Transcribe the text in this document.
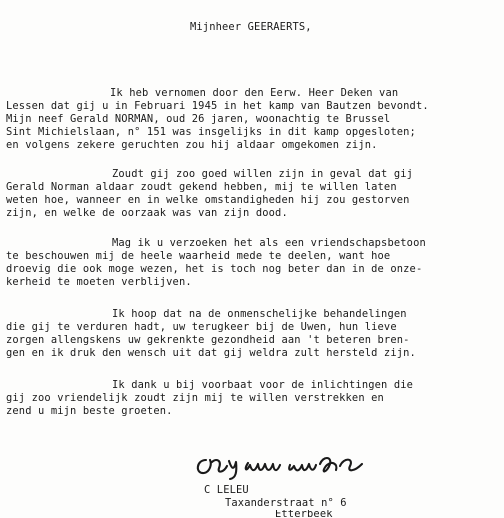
Mijnheer GEERAERTS,
Ik heb vernomen door den Eerw. Heer Deken van
Lessen dat gij u in Februari 1945 in het kamp van Bautzen bevondt.
Mijn neef Gerald NORMAN, oud 26 jaren, woonachtig te Brussel
Sint Michielslaan, n° 151 was insgelijks in dit kamp opgesloten;
en volgens zekere geruchten zou hij aldaar omgekomen zijn.
Zoudt gij zoo goed willen zijn in geval dat gij
Gerald Norman aldaar zoudt gekend hebben, mij te willen laten
weten hoe, wanneer en in welke omstandigheden hij zou gestorven
zijn, en welke de oorzaak was van zijn dood.
Mag ik u verzoeken het als een vriendschapsbetoon
te beschouwen mij de heele waarheid mede te deelen, want hoe
droevig die ook moge wezen, het is toch nog beter dan in de onze-
kerheid te moeten verblijven.
Ik hoop dat na de onmenschelijke behandelingen
die gij te verduren hadt, uw terugkeer bij de Uwen, hun lieve
zorgen allengskens uw gekrenkte gezondheid aan 't beteren bren-
gen en ik druk den wensch uit dat gij weldra zult hersteld zijn.
Ik dank u bij voorbaat voor de inlichtingen die
gij zoo vriendelijk zoudt zijn mij te willen verstrekken en
zend u mijn beste groeten.
C LELEU
Taxanderstraat n° 6
Etterbeek
